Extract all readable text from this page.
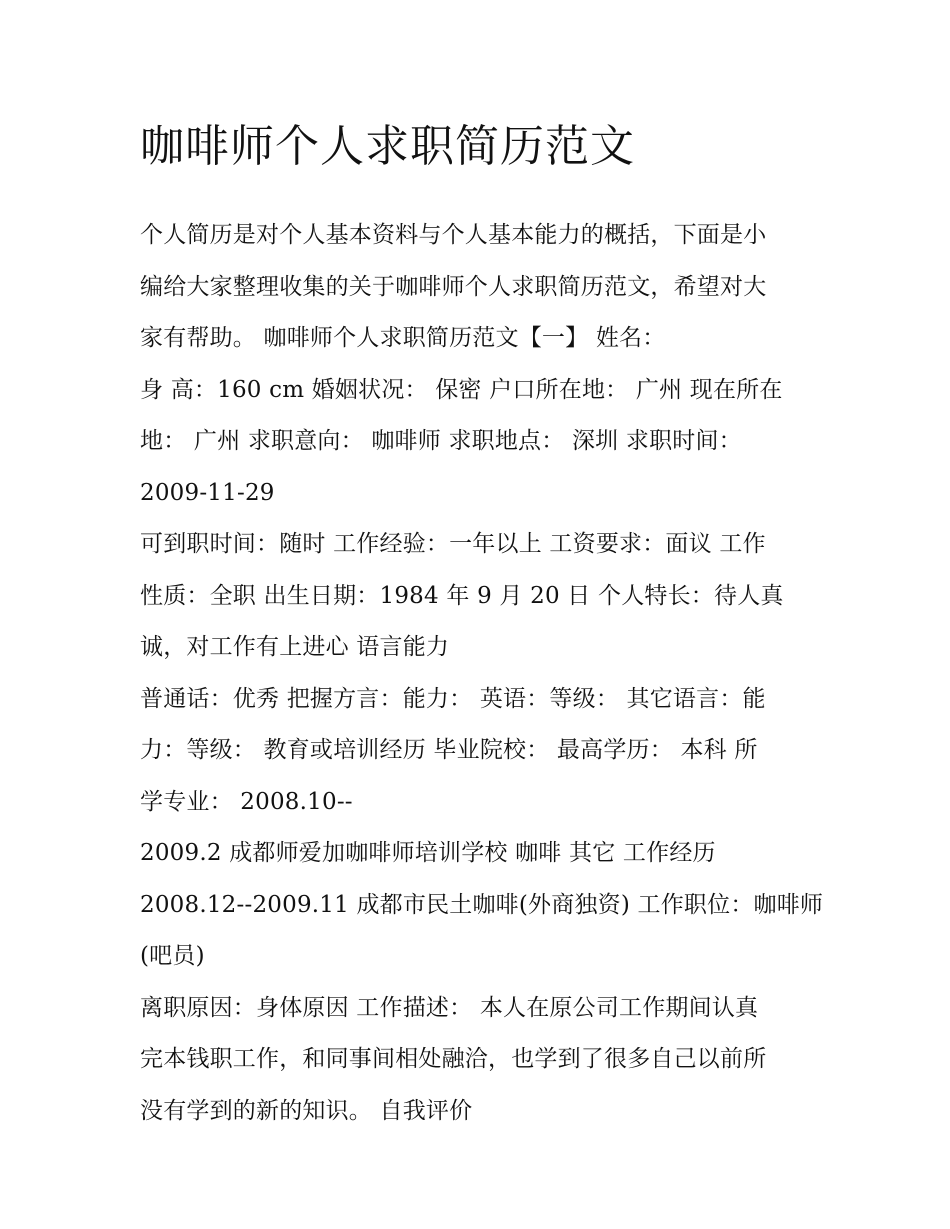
咖啡师个人求职简历范文
个人简历是对个人基本资料与个人基本能力的概括，下面是小
编给大家整理收集的关于咖啡师个人求职简历范文，希望对大
家有帮助。 咖啡师个人求职简历范文【一】 姓名：
身 高：160 cm 婚姻状况： 保密 户口所在地： 广州 现在所在
地： 广州 求职意向： 咖啡师 求职地点： 深圳 求职时间：
2009-11-29
可到职时间：随时 工作经验：一年以上 工资要求：面议 工作
性质：全职 出生日期：1984 年 9 月 20 日 个人特长：待人真
诚，对工作有上进心 语言能力
普通话：优秀 把握方言：能力： 英语：等级： 其它语言：能
力：等级： 教育或培训经历 毕业院校： 最高学历： 本科 所
学专业： 2008.10--
2009.2 成都师爱加咖啡师培训学校 咖啡 其它 工作经历
2008.12--2009.11 成都市民土咖啡(外商独资) 工作职位：咖啡师
(吧员)
离职原因：身体原因 工作描述： 本人在原公司工作期间认真
完本钱职工作，和同事间相处融洽，也学到了很多自己以前所
没有学到的新的知识。 自我评价
